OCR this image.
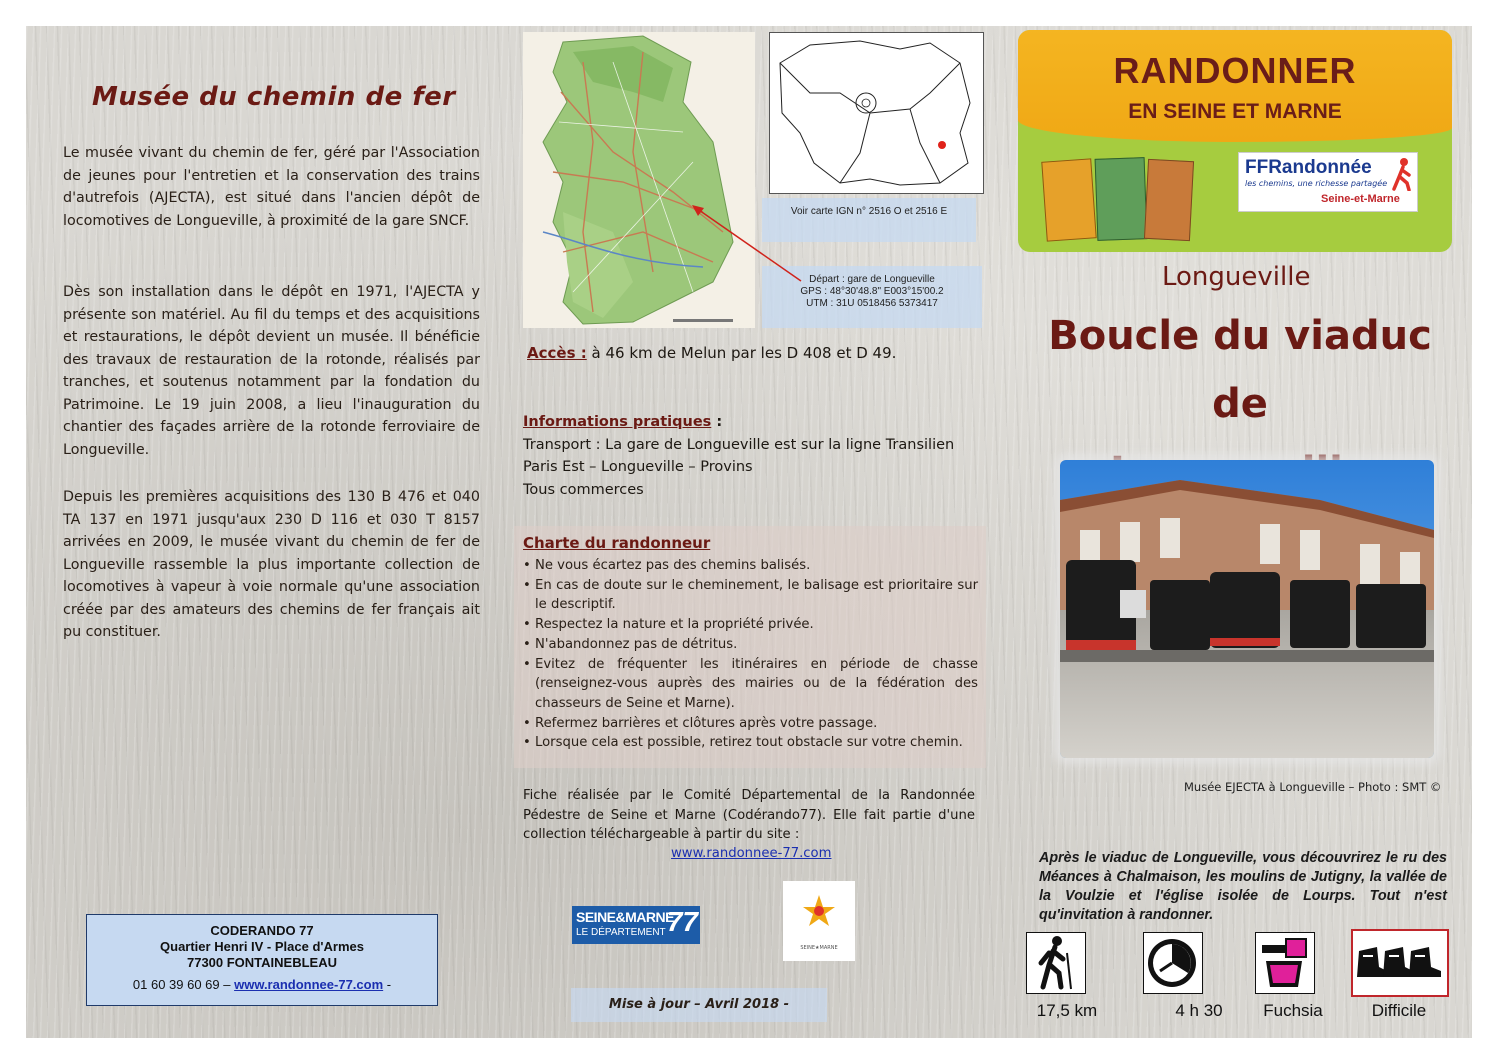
Musée du chemin de fer
Le musée vivant du chemin de fer, géré par l'Association de jeunes pour l'entretien et la conservation des trains d'autrefois (AJECTA), est situé dans l'ancien dépôt de locomotives de Longueville, à proximité de la gare SNCF.
Dès son installation dans le dépôt en 1971, l'AJECTA y présente son matériel. Au fil du temps et des acquisitions et restaurations, le dépôt devient un musée. Il bénéficie des travaux de restauration de la rotonde, réalisés par tranches, et soutenus notamment par la fondation du Patrimoine. Le 19 juin 2008, a lieu l'inauguration du chantier des façades arrière de la rotonde ferroviaire de Longueville.
Depuis les premières acquisitions des 130 B 476 et 040 TA 137 en 1971 jusqu'aux 230 D 116 et 030 T 8157 arrivées en 2009, le musée vivant du chemin de fer de Longueville rassemble la plus importante collection de locomotives à vapeur à voie normale qu'une association créée par des amateurs des chemins de fer français ait pu constituer.
CODERANDO 77
Quartier Henri IV - Place d'Armes
77300 FONTAINEBLEAU
01 60 39 60 69 – www.randonnee-77.com -
Voir carte IGN n° 2516 O et 2516 E
Départ : gare de Longueville
GPS : 48°30'48.8" E003°15'00.2
UTM : 31U 0518456 5373417
Accès : à 46 km de Melun par les D 408 et D 49.
Informations pratiques :
Transport : La gare de Longueville est sur la ligne Transilien
Paris Est – Longueville – Provins
Tous commerces
Charte du randonneur
• Ne vous écartez pas des chemins balisés.
• En cas de doute sur le cheminement, le balisage est prioritaire sur le descriptif.
• Respectez la nature et la propriété privée.
• N'abandonnez pas de détritus.
• Evitez de fréquenter les itinéraires en période de chasse (renseignez-vous auprès des mairies ou de la fédération des chasseurs de Seine et Marne).
• Refermez barrières et clôtures après votre passage.
• Lorsque cela est possible, retirez tout obstacle sur votre chemin.
Fiche réalisée par le Comité Départemental de la Randonnée Pédestre de Seine et Marne (Codérando77). Elle fait partie d'une collection téléchargeable à partir du site :
www.randonnee-77.com
SEINE&MARNE
LE DÉPARTEMENT 77
SEINE★MARNE
Mise à jour – Avril 2018 -
RANDONNER
EN SEINE ET MARNE
FFRandonnée
les chemins, une richesse partagée
Seine-et-Marne
Longueville
Boucle du viaduc de
Musée EJECTA à Longueville – Photo : SMT ©
Après le viaduc de Longueville, vous découvrirez le ru des Méances à Chalmaison, les moulins de Jutigny, la vallée de la Voulzie et l'église isolée de Lourps. Tout n'est qu'invitation à randonner.
17,5 km	4 h 30	Fuchsia	Difficile
